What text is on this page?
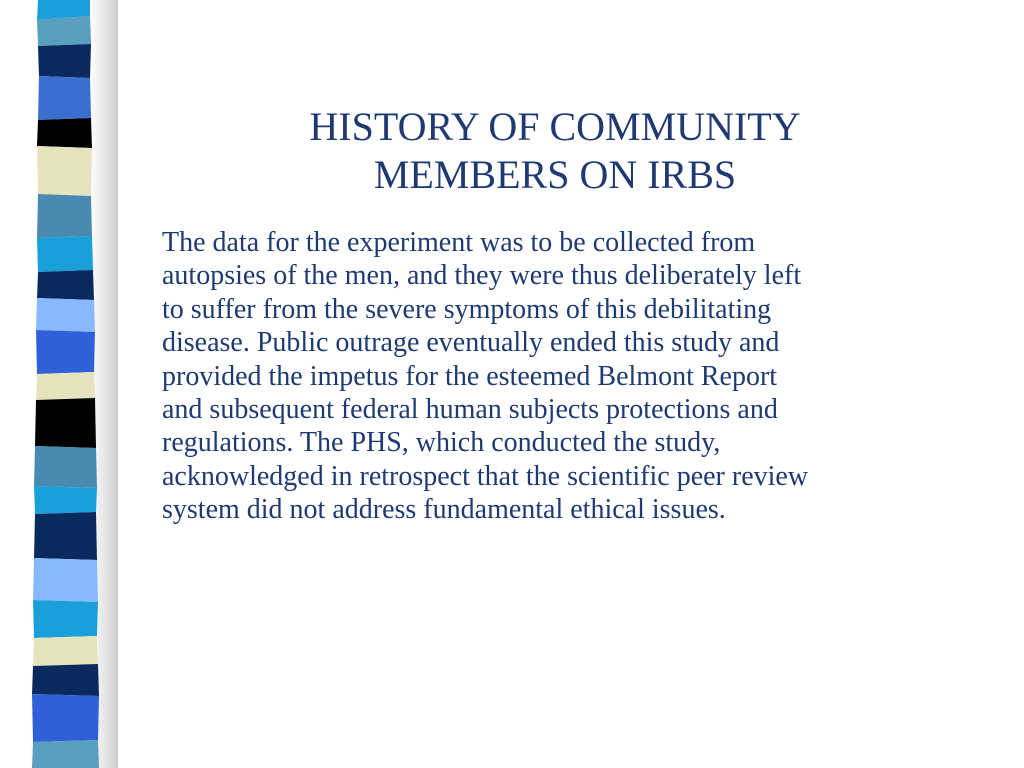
HISTORY OF COMMUNITY
MEMBERS ON IRBS

The data for the experiment was to be collected from
autopsies of the men, and they were thus deliberately left
to suffer from the severe symptoms of this debilitating
disease. Public outrage eventually ended this study and
provided the impetus for the esteemed Belmont Report
and subsequent federal human subjects protections and
regulations. The PHS, which conducted the study,
acknowledged in retrospect that the scientific peer review
system did not address fundamental ethical issues.
